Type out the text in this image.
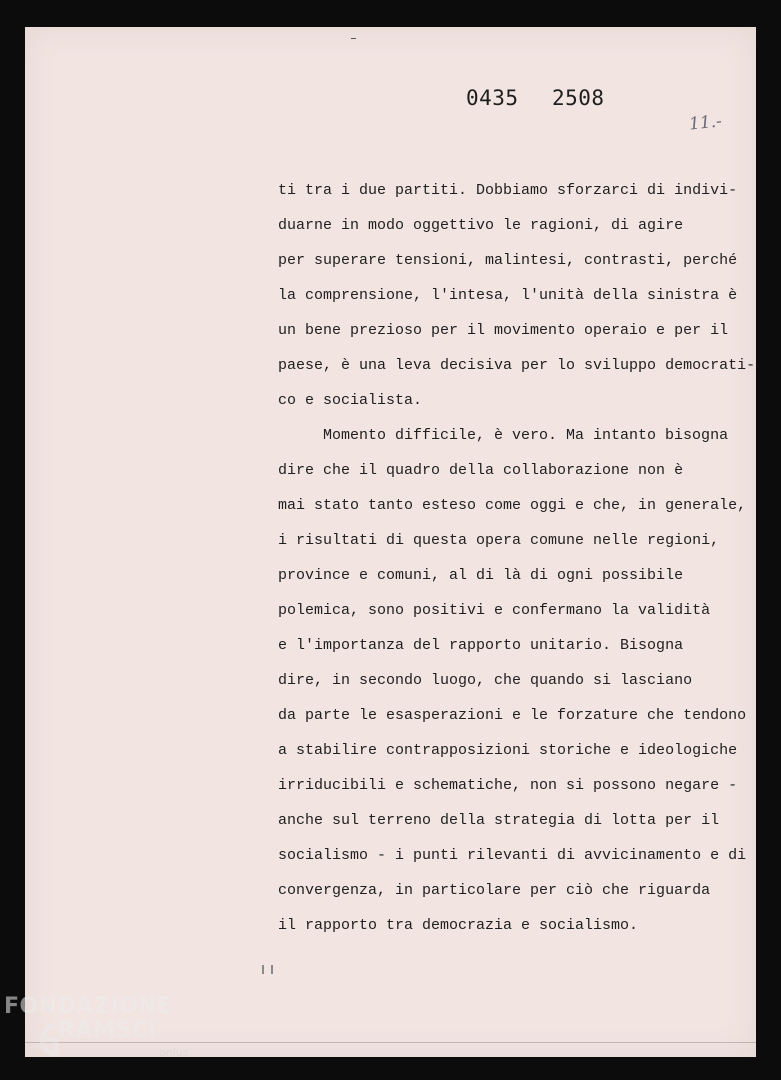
0435 2508
11.-
ti tra i due partiti. Dobbiamo sforzarci di indivi-
duarne in modo oggettivo le ragioni, di agire
per superare tensioni, malintesi, contrasti, perché
la comprensione, l'intesa, l'unità della sinistra è
un bene prezioso per il movimento operaio e per il
paese, è una leva decisiva per lo sviluppo democrati-
co e socialista.
Momento difficile, è vero. Ma intanto bisogna
dire che il quadro della collaborazione non è
mai stato tanto esteso come oggi e che, in generale,
i risultati di questa opera comune nelle regioni,
province e comuni, al di là di ogni possibile
polemica, sono positivi e confermano la validità
e l'importanza del rapporto unitario. Bisogna
dire, in secondo luogo, che quando si lasciano
da parte le esasperazioni e le forzature che tendono
a stabilire contrapposizioni storiche e ideologiche
irriducibili e schematiche, non si possono negare -
anche sul terreno della strategia di lotta per il
socialismo - i punti rilevanti di avvicinamento e di
convergenza, in particolare per ciò che riguarda
il rapporto tra democrazia e socialismo.
FONDAZIONE
RAMSCI
onlus
